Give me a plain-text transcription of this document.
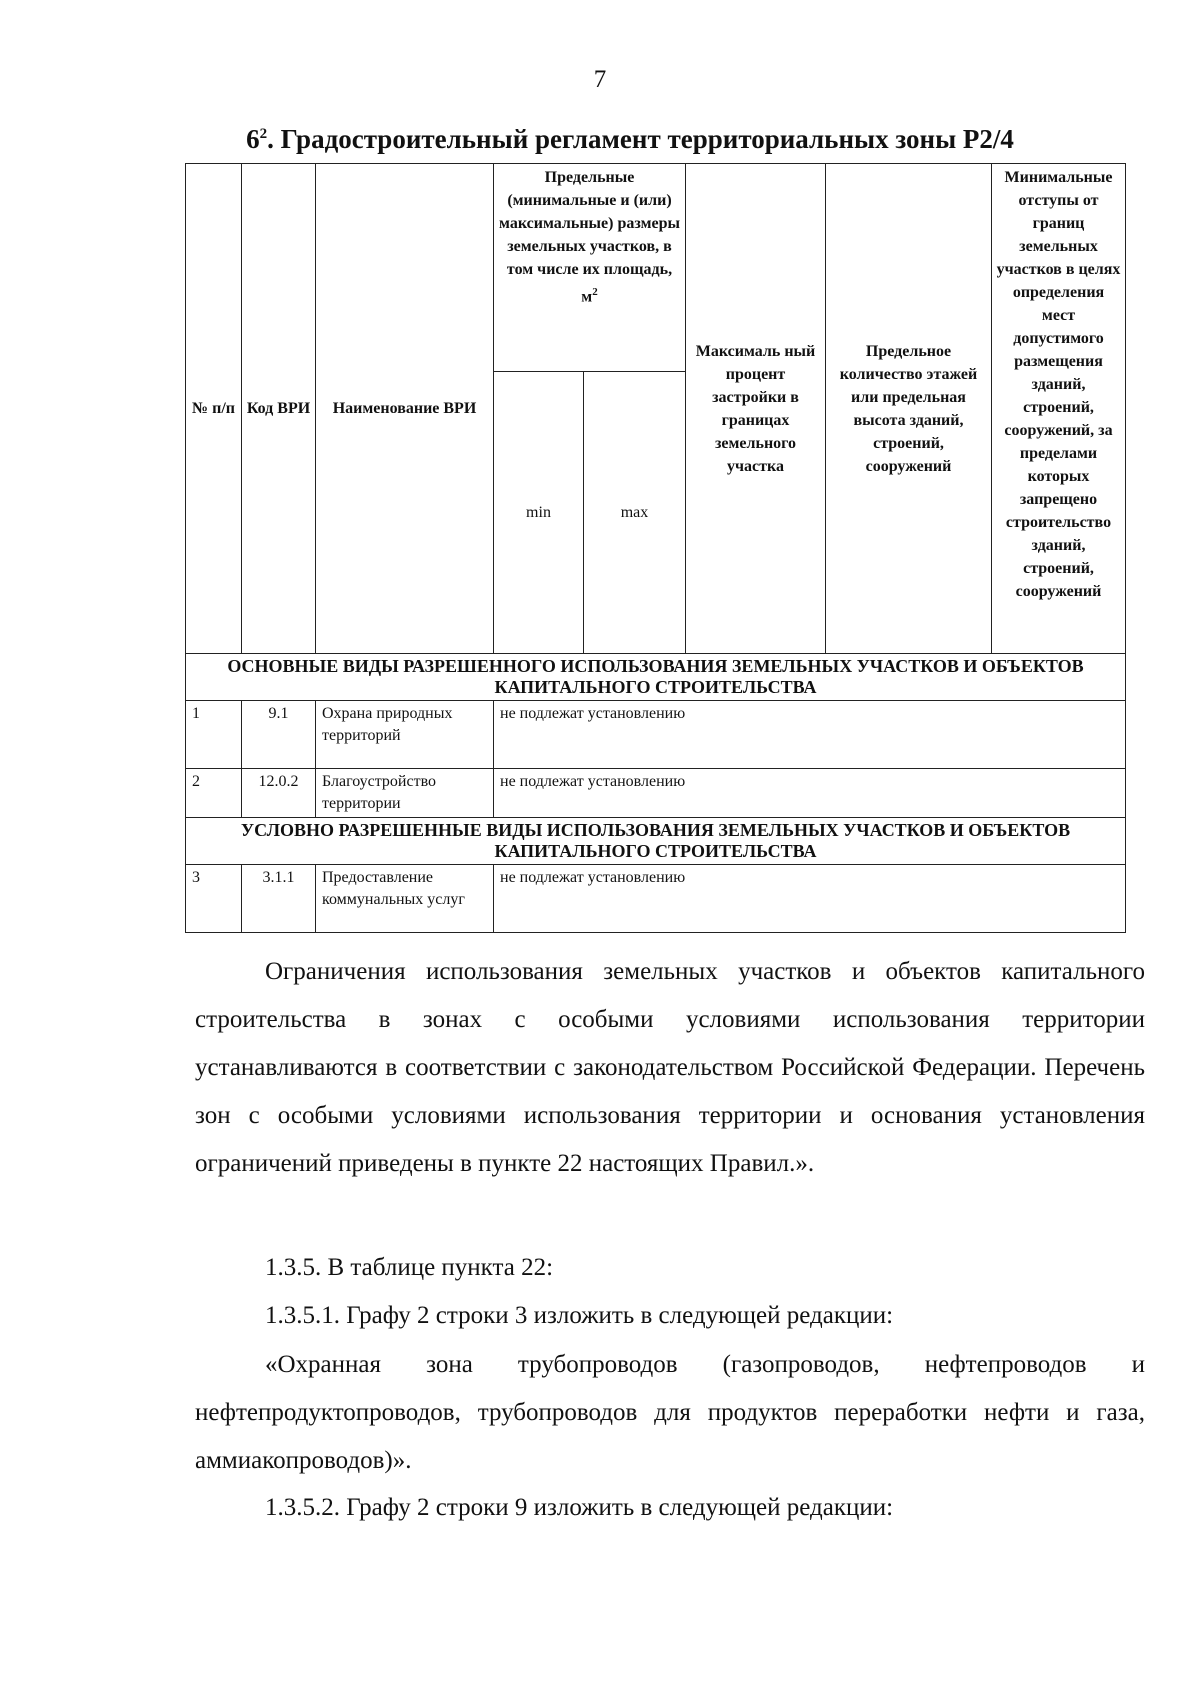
7
$6^2$. Градостроительный регламент территориальных зоны Р2/4
№ п/п	Код ВРИ	Наименование ВРИ	Предельные (минимальные и (или) максимальные) размеры земельных участков, в том числе их площадь, $м^2$		Максималь ный процент застройки в границах земельного участка	Предельное количество этажей или предельная высота зданий, строений, сооружений	Минимальные отступы от границ земельных участков в целях определения мест допустимого размещения зданий, строений, сооружений, за пределами которых запрещено строительство зданий, строений, сооружений

			min	max			

ОСНОВНЫЕ ВИДЫ РАЗРЕШЕННОГО ИСПОЛЬЗОВАНИЯ ЗЕМЕЛЬНЫХ УЧАСТКОВ И ОБЪЕКТОВ КАПИТАЛЬНОГО СТРОИТЕЛЬСТВА							
1	9.1	Охрана природных территорий	не подлежат установлению				
2	12.0.2	Благоустройство территории	не подлежат установлению				
УСЛОВНО РАЗРЕШЕННЫЕ ВИДЫ ИСПОЛЬЗОВАНИЯ ЗЕМЕЛЬНЫХ УЧАСТКОВ И ОБЪЕКТОВ КАПИТАЛЬНОГО СТРОИТЕЛЬСТВА							
3	3.1.1	Предоставление коммунальных услуг	не подлежат установлению				
Ограничения использования земельных участков и объектов капитального строительства в зонах с особыми условиями использования территории устанавливаются в соответствии с законодательством Российской Федерации. Перечень зон с особыми условиями использования территории и основания установления ограничений приведены в пункте 22 настоящих Правил.».
1.3.5. В таблице пункта 22:
1.3.5.1. Графу 2 строки 3 изложить в следующей редакции:
«Охранная зона трубопроводов (газопроводов, нефтепроводов и нефтепродуктопроводов, трубопроводов для продуктов переработки нефти и газа, аммиакопроводов)».
1.3.5.2. Графу 2 строки 9 изложить в следующей редакции:
